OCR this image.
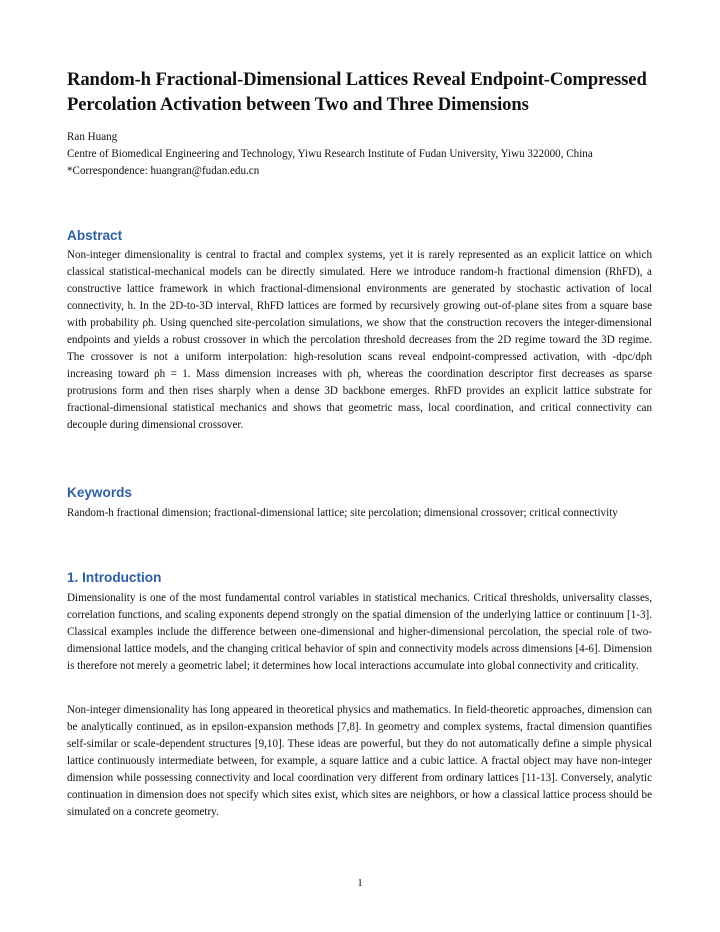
Random-h Fractional-Dimensional Lattices Reveal Endpoint-Compressed Percolation Activation between Two and Three Dimensions
Ran Huang
Centre of Biomedical Engineering and Technology, Yiwu Research Institute of Fudan University, Yiwu 322000, China
*Correspondence: huangran@fudan.edu.cn
Abstract

Non-integer dimensionality is central to fractal and complex systems, yet it is rarely represented as an explicit lattice on which classical statistical-mechanical models can be directly simulated. Here we introduce random-h fractional dimension (RhFD), a constructive lattice framework in which fractional-dimensional environments are generated by stochastic activation of local connectivity, h. In the 2D-to-3D interval, RhFD lattices are formed by recursively growing out-of-plane sites from a square base with probability ρh. Using quenched site-percolation simulations, we show that the construction recovers the integer-dimensional endpoints and yields a robust crossover in which the percolation threshold decreases from the 2D regime toward the 3D regime. The crossover is not a uniform interpolation: high-resolution scans reveal endpoint-compressed activation, with -dpc/dρh increasing toward ρh = 1. Mass dimension increases with ρh, whereas the coordination descriptor first decreases as sparse protrusions form and then rises sharply when a dense 3D backbone emerges. RhFD provides an explicit lattice substrate for fractional-dimensional statistical mechanics and shows that geometric mass, local coordination, and critical connectivity can decouple during dimensional crossover.

Keywords

Random-h fractional dimension; fractional-dimensional lattice; site percolation; dimensional crossover; critical connectivity

1. Introduction

Dimensionality is one of the most fundamental control variables in statistical mechanics. Critical thresholds, universality classes, correlation functions, and scaling exponents depend strongly on the spatial dimension of the underlying lattice or continuum [1-3]. Classical examples include the difference between one-dimensional and higher-dimensional percolation, the special role of two-dimensional lattice models, and the changing critical behavior of spin and connectivity models across dimensions [4-6]. Dimension is therefore not merely a geometric label; it determines how local interactions accumulate into global connectivity and criticality.

Non-integer dimensionality has long appeared in theoretical physics and mathematics. In field-theoretic approaches, dimension can be analytically continued, as in epsilon-expansion methods [7,8]. In geometry and complex systems, fractal dimension quantifies self-similar or scale-dependent structures [9,10]. These ideas are powerful, but they do not automatically define a simple physical lattice continuously intermediate between, for example, a square lattice and a cubic lattice. A fractal object may have non-integer dimension while possessing connectivity and local coordination very different from ordinary lattices [11-13]. Conversely, analytic continuation in dimension does not specify which sites exist, which sites are neighbors, or how a classical lattice process should be simulated on a concrete geometry.

1
